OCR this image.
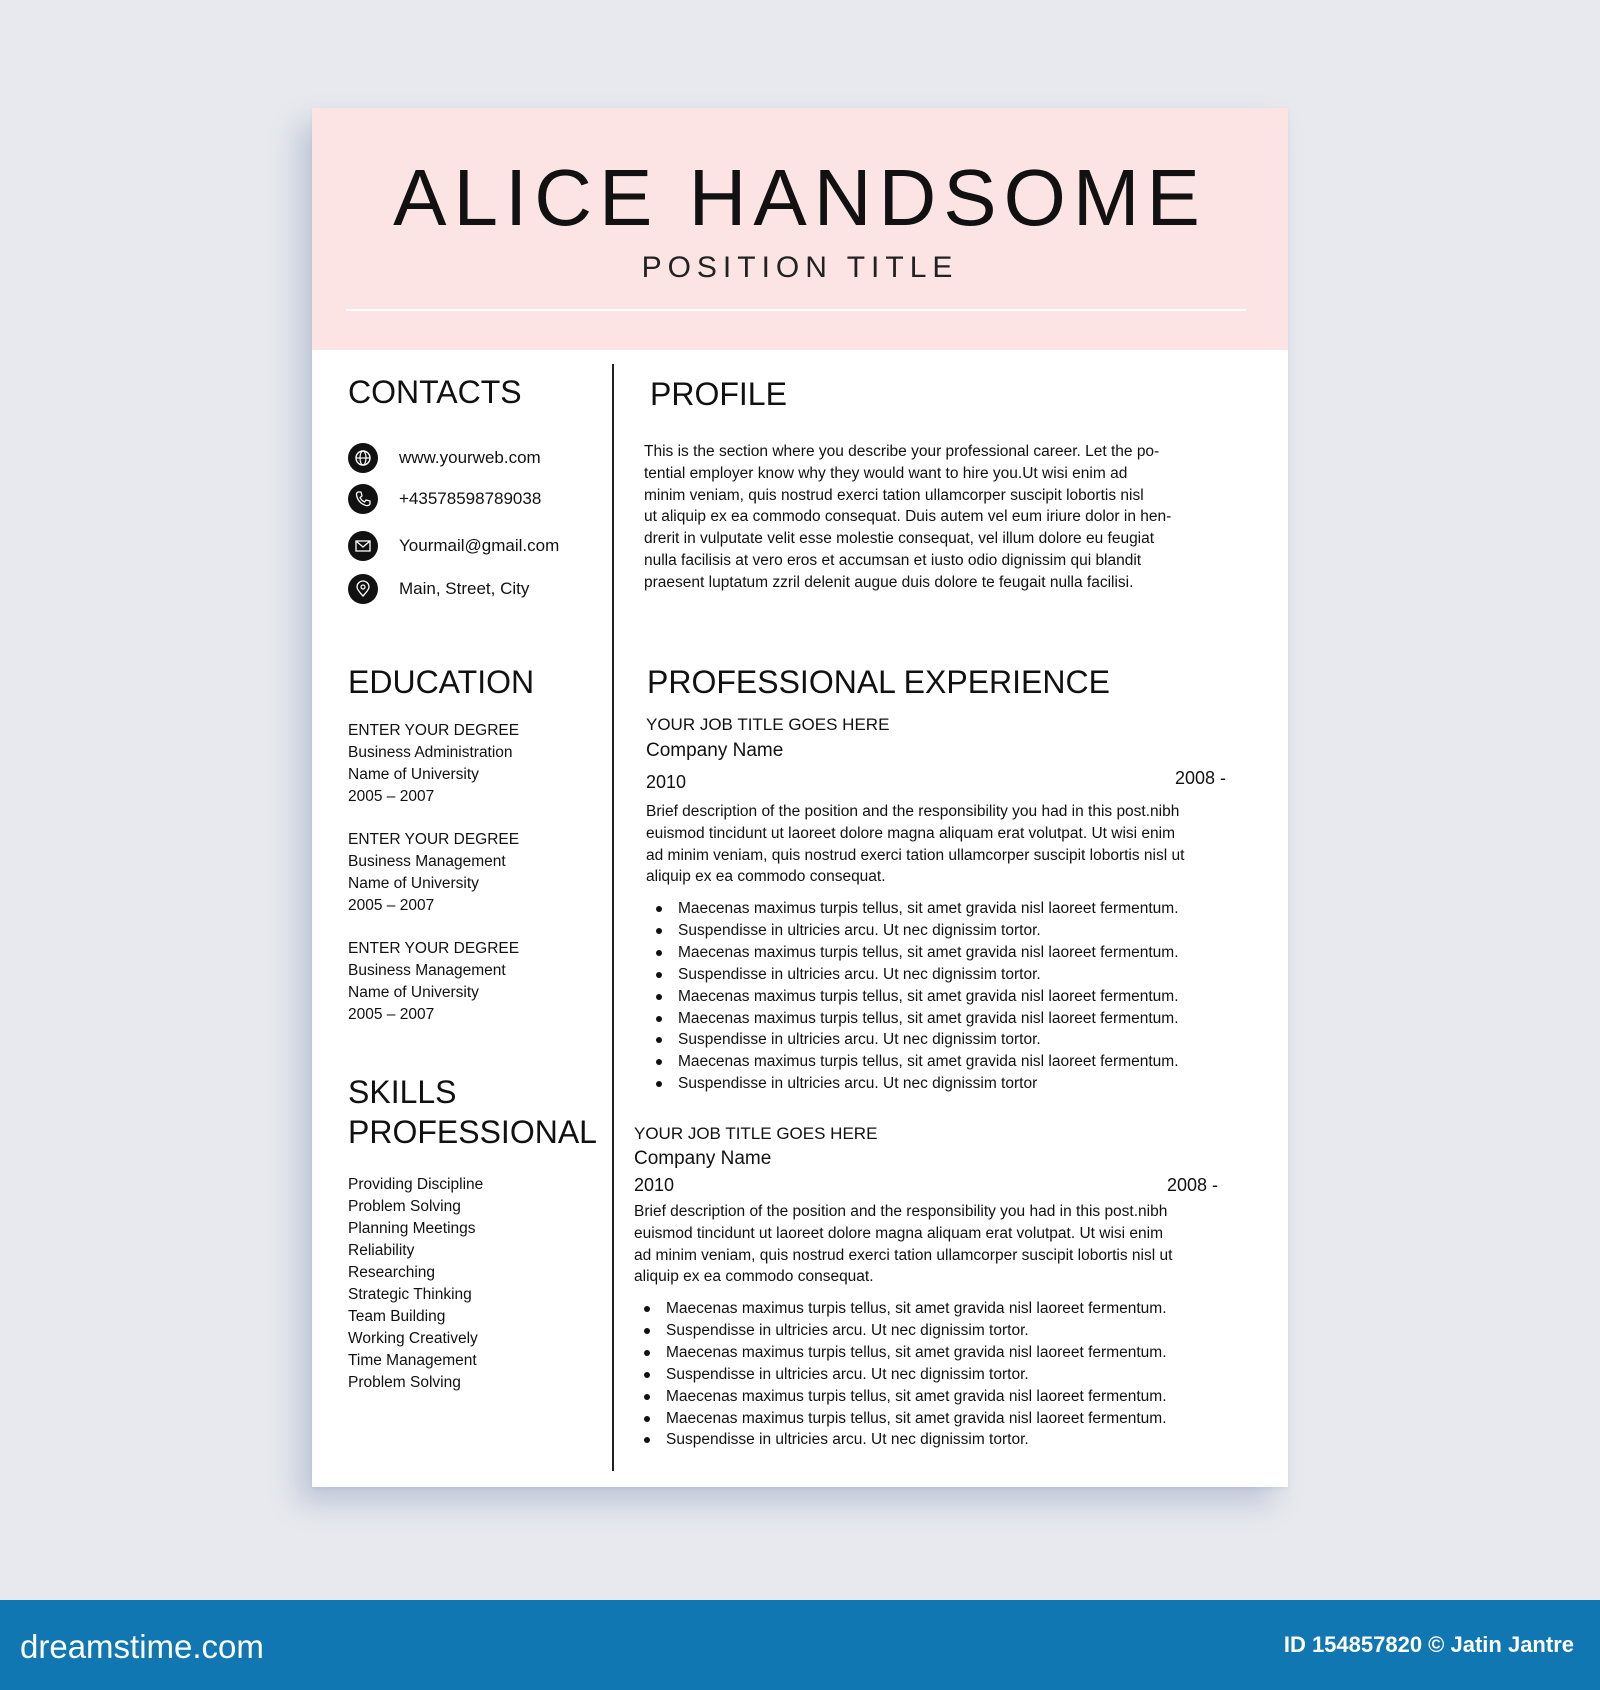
ALICE HANDSOME
POSITION TITLE
CONTACTS
www.yourweb.com
+43578598789038
Yourmail@gmail.com
Main, Street, City
EDUCATION
ENTER YOUR DEGREE
Business Administration
Name of University
2005 – 2007
ENTER YOUR DEGREE
Business Management
Name of University
2005 – 2007
ENTER YOUR DEGREE
Business Management
Name of University
2005 – 2007
SKILLS
PROFESSIONAL
Providing Discipline
Problem Solving
Planning Meetings
Reliability
Researching
Strategic Thinking
Team Building
Working Creatively
Time Management
Problem Solving
PROFILE
This is the section where you describe your professional career. Let the po-
tential employer know why they would want to hire you.Ut wisi enim ad
minim veniam, quis nostrud exerci tation ullamcorper suscipit lobortis nisl
ut aliquip ex ea commodo consequat. Duis autem vel eum iriure dolor in hen-
drerit in vulputate velit esse molestie consequat, vel illum dolore eu feugiat
nulla facilisis at vero eros et accumsan et iusto odio dignissim qui blandit
praesent luptatum zzril delenit augue duis dolore te feugait nulla facilisi.
PROFESSIONAL EXPERIENCE
YOUR JOB TITLE GOES HERE
Company Name
2008 -
2010
Brief description of the position and the responsibility you had in this post.nibh
euismod tincidunt ut laoreet dolore magna aliquam erat volutpat. Ut wisi enim
ad minim veniam, quis nostrud exerci tation ullamcorper suscipit lobortis nisl ut
aliquip ex ea commodo consequat.
Maecenas maximus turpis tellus, sit amet gravida nisl laoreet fermentum.
Suspendisse in ultricies arcu. Ut nec dignissim tortor.
Maecenas maximus turpis tellus, sit amet gravida nisl laoreet fermentum.
Suspendisse in ultricies arcu. Ut nec dignissim tortor.
Maecenas maximus turpis tellus, sit amet gravida nisl laoreet fermentum.
Maecenas maximus turpis tellus, sit amet gravida nisl laoreet fermentum.
Suspendisse in ultricies arcu. Ut nec dignissim tortor.
Maecenas maximus turpis tellus, sit amet gravida nisl laoreet fermentum.
Suspendisse in ultricies arcu. Ut nec dignissim tortor
YOUR JOB TITLE GOES HERE
Company Name
2008 -
2010
Brief description of the position and the responsibility you had in this post.nibh
euismod tincidunt ut laoreet dolore magna aliquam erat volutpat. Ut wisi enim
ad minim veniam, quis nostrud exerci tation ullamcorper suscipit lobortis nisl ut
aliquip ex ea commodo consequat.
Maecenas maximus turpis tellus, sit amet gravida nisl laoreet fermentum.
Suspendisse in ultricies arcu. Ut nec dignissim tortor.
Maecenas maximus turpis tellus, sit amet gravida nisl laoreet fermentum.
Suspendisse in ultricies arcu. Ut nec dignissim tortor.
Maecenas maximus turpis tellus, sit amet gravida nisl laoreet fermentum.
Maecenas maximus turpis tellus, sit amet gravida nisl laoreet fermentum.
Suspendisse in ultricies arcu. Ut nec dignissim tortor.
dreamstime.com	ID 154857820 © Jatin Jantre
